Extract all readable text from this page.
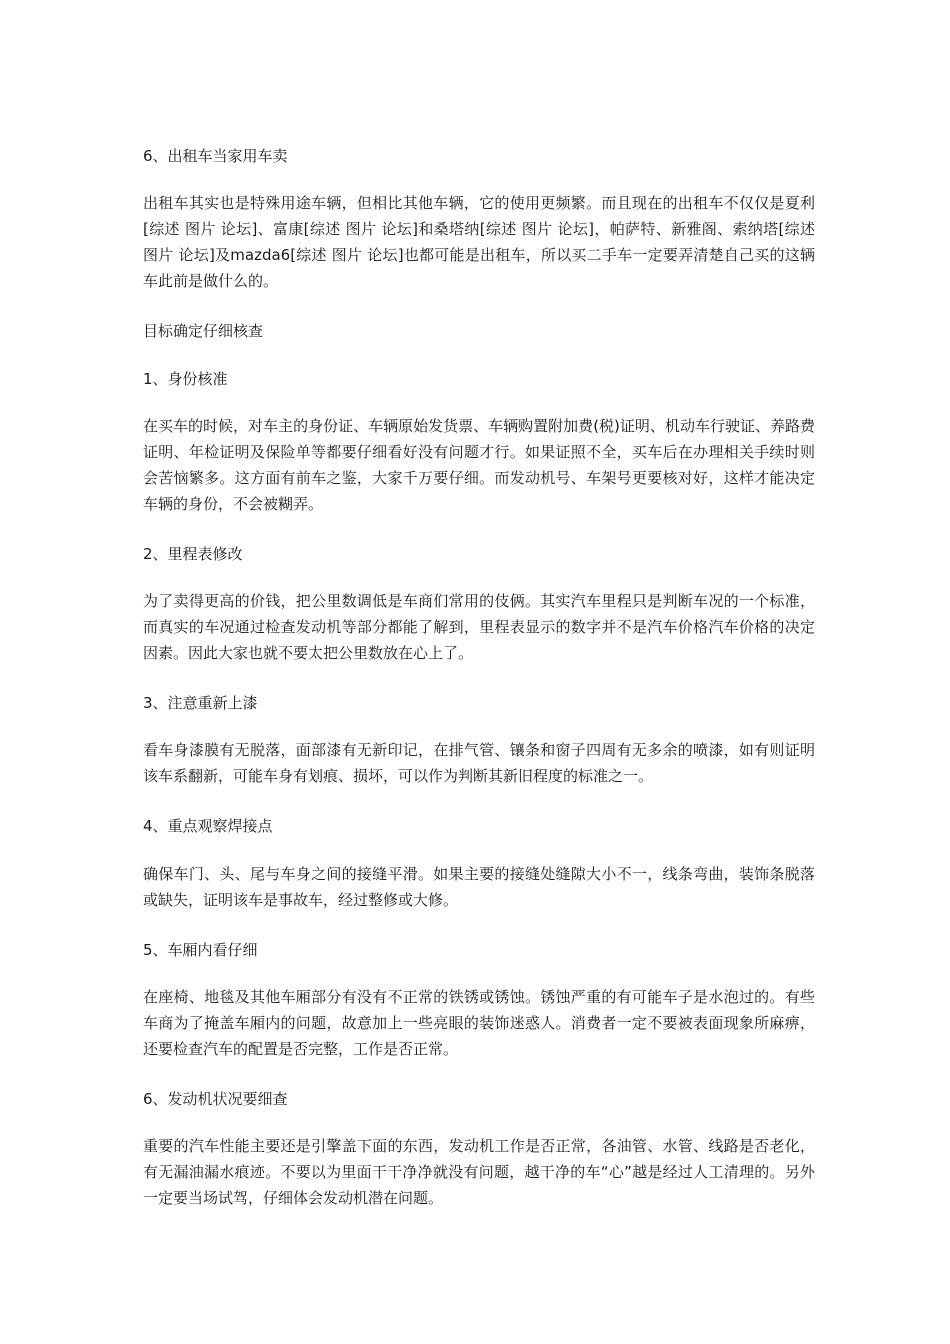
6、出租车当家用车卖

出租车其实也是特殊用途车辆，但相比其他车辆，它的使用更频繁。而且现在的出租车不仅仅是夏利[综述 图片 论坛]、富康[综述 图片 论坛]和桑塔纳[综述 图片 论坛]，帕萨特、新雅阁、索纳塔[综述 图片 论坛]及mazda6[综述 图片 论坛]也都可能是出租车，所以买二手车一定要弄清楚自己买的这辆车此前是做什么的。

目标确定仔细核查

1、身份核准

在买车的时候，对车主的身份证、车辆原始发货票、车辆购置附加费(税)证明、机动车行驶证、养路费证明、年检证明及保险单等都要仔细看好没有问题才行。如果证照不全，买车后在办理相关手续时则会苦恼繁多。这方面有前车之鉴，大家千万要仔细。而发动机号、车架号更要核对好，这样才能决定车辆的身份，不会被糊弄。

2、里程表修改

为了卖得更高的价钱，把公里数调低是车商们常用的伎俩。其实汽车里程只是判断车况的一个标准，而真实的车况通过检查发动机等部分都能了解到，里程表显示的数字并不是汽车价格汽车价格的决定因素。因此大家也就不要太把公里数放在心上了。

3、注意重新上漆

看车身漆膜有无脱落，面部漆有无新印记，在排气管、镶条和窗子四周有无多余的喷漆，如有则证明该车系翻新，可能车身有划痕、损坏，可以作为判断其新旧程度的标准之一。

4、重点观察焊接点

确保车门、头、尾与车身之间的接缝平滑。如果主要的接缝处缝隙大小不一，线条弯曲，装饰条脱落或缺失，证明该车是事故车，经过整修或大修。

5、车厢内看仔细

在座椅、地毯及其他车厢部分有没有不正常的铁锈或锈蚀。锈蚀严重的有可能车子是水泡过的。有些车商为了掩盖车厢内的问题，故意加上一些亮眼的装饰迷惑人。消费者一定不要被表面现象所麻痹，还要检查汽车的配置是否完整，工作是否正常。

6、发动机状况要细查

重要的汽车性能主要还是引擎盖下面的东西，发动机工作是否正常，各油管、水管、线路是否老化，有无漏油漏水痕迹。不要以为里面干干净净就没有问题，越干净的车“心”越是经过人工清理的。另外一定要当场试驾，仔细体会发动机潜在问题。
